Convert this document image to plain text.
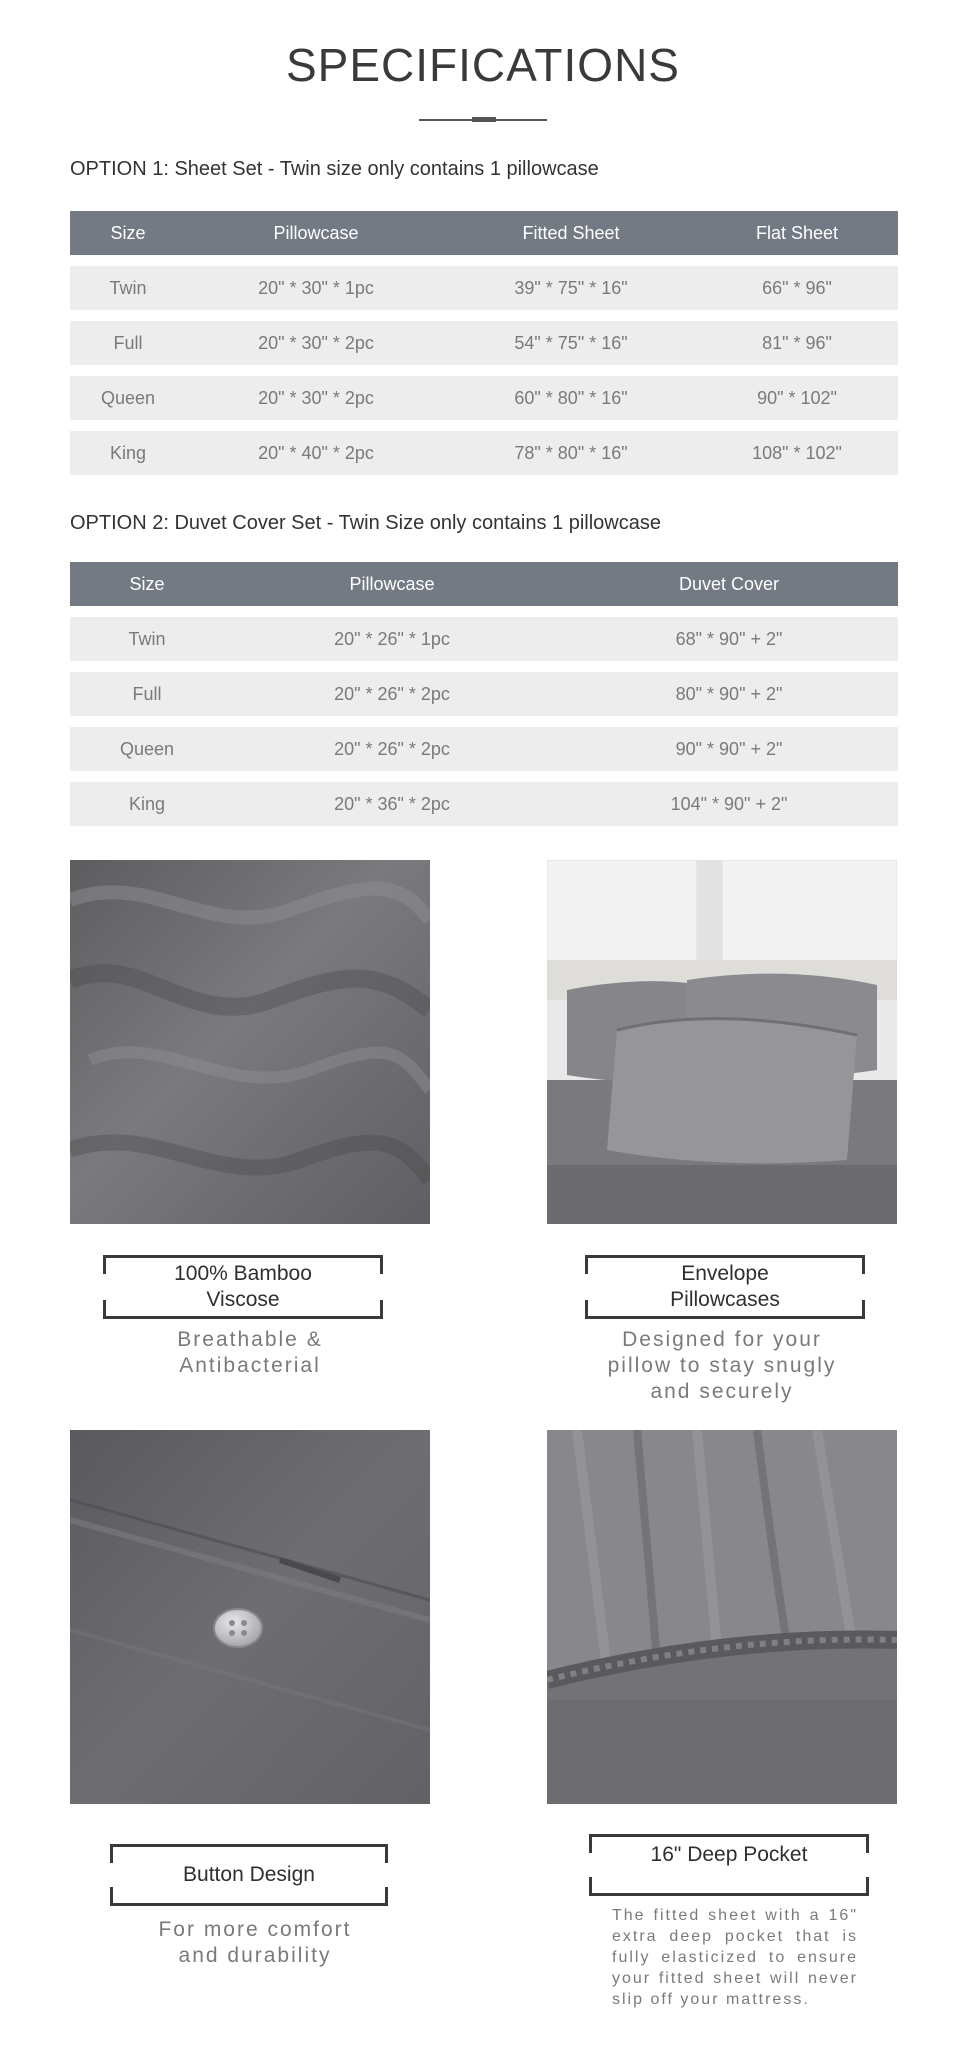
SPECIFICATIONS
OPTION 1: Sheet Set - Twin size only contains 1 pillowcase
Size	Pillowcase	Fitted Sheet	Flat Sheet
Twin	20" * 30" * 1pc	39" * 75" * 16"	66" * 96"
Full	20" * 30" * 2pc	54" * 75" * 16"	81" * 96"
Queen	20" * 30" * 2pc	60" * 80" * 16"	90" * 102"
King	20" * 40" * 2pc	78" * 80" * 16"	108" * 102"
OPTION 2: Duvet Cover Set - Twin Size only contains 1 pillowcase
Size	Pillowcase	Duvet Cover
Twin	20" * 26" * 1pc	68" * 90" + 2"
Full	20" * 26" * 2pc	80" * 90" + 2"
Queen	20" * 26" * 2pc	90" * 90" + 2"
King	20" * 36" * 2pc	104" * 90" + 2"
100% Bamboo
Viscose
Breathable &
Antibacterial
Envelope
Pillowcases
Designed for your
pillow to stay snugly
and securely
Button Design
For more comfort
and durability
16" Deep Pocket
The fitted sheet with a 16" extra deep pocket that is fully elasticized to ensure your fitted sheet will never slip off your mattress.
